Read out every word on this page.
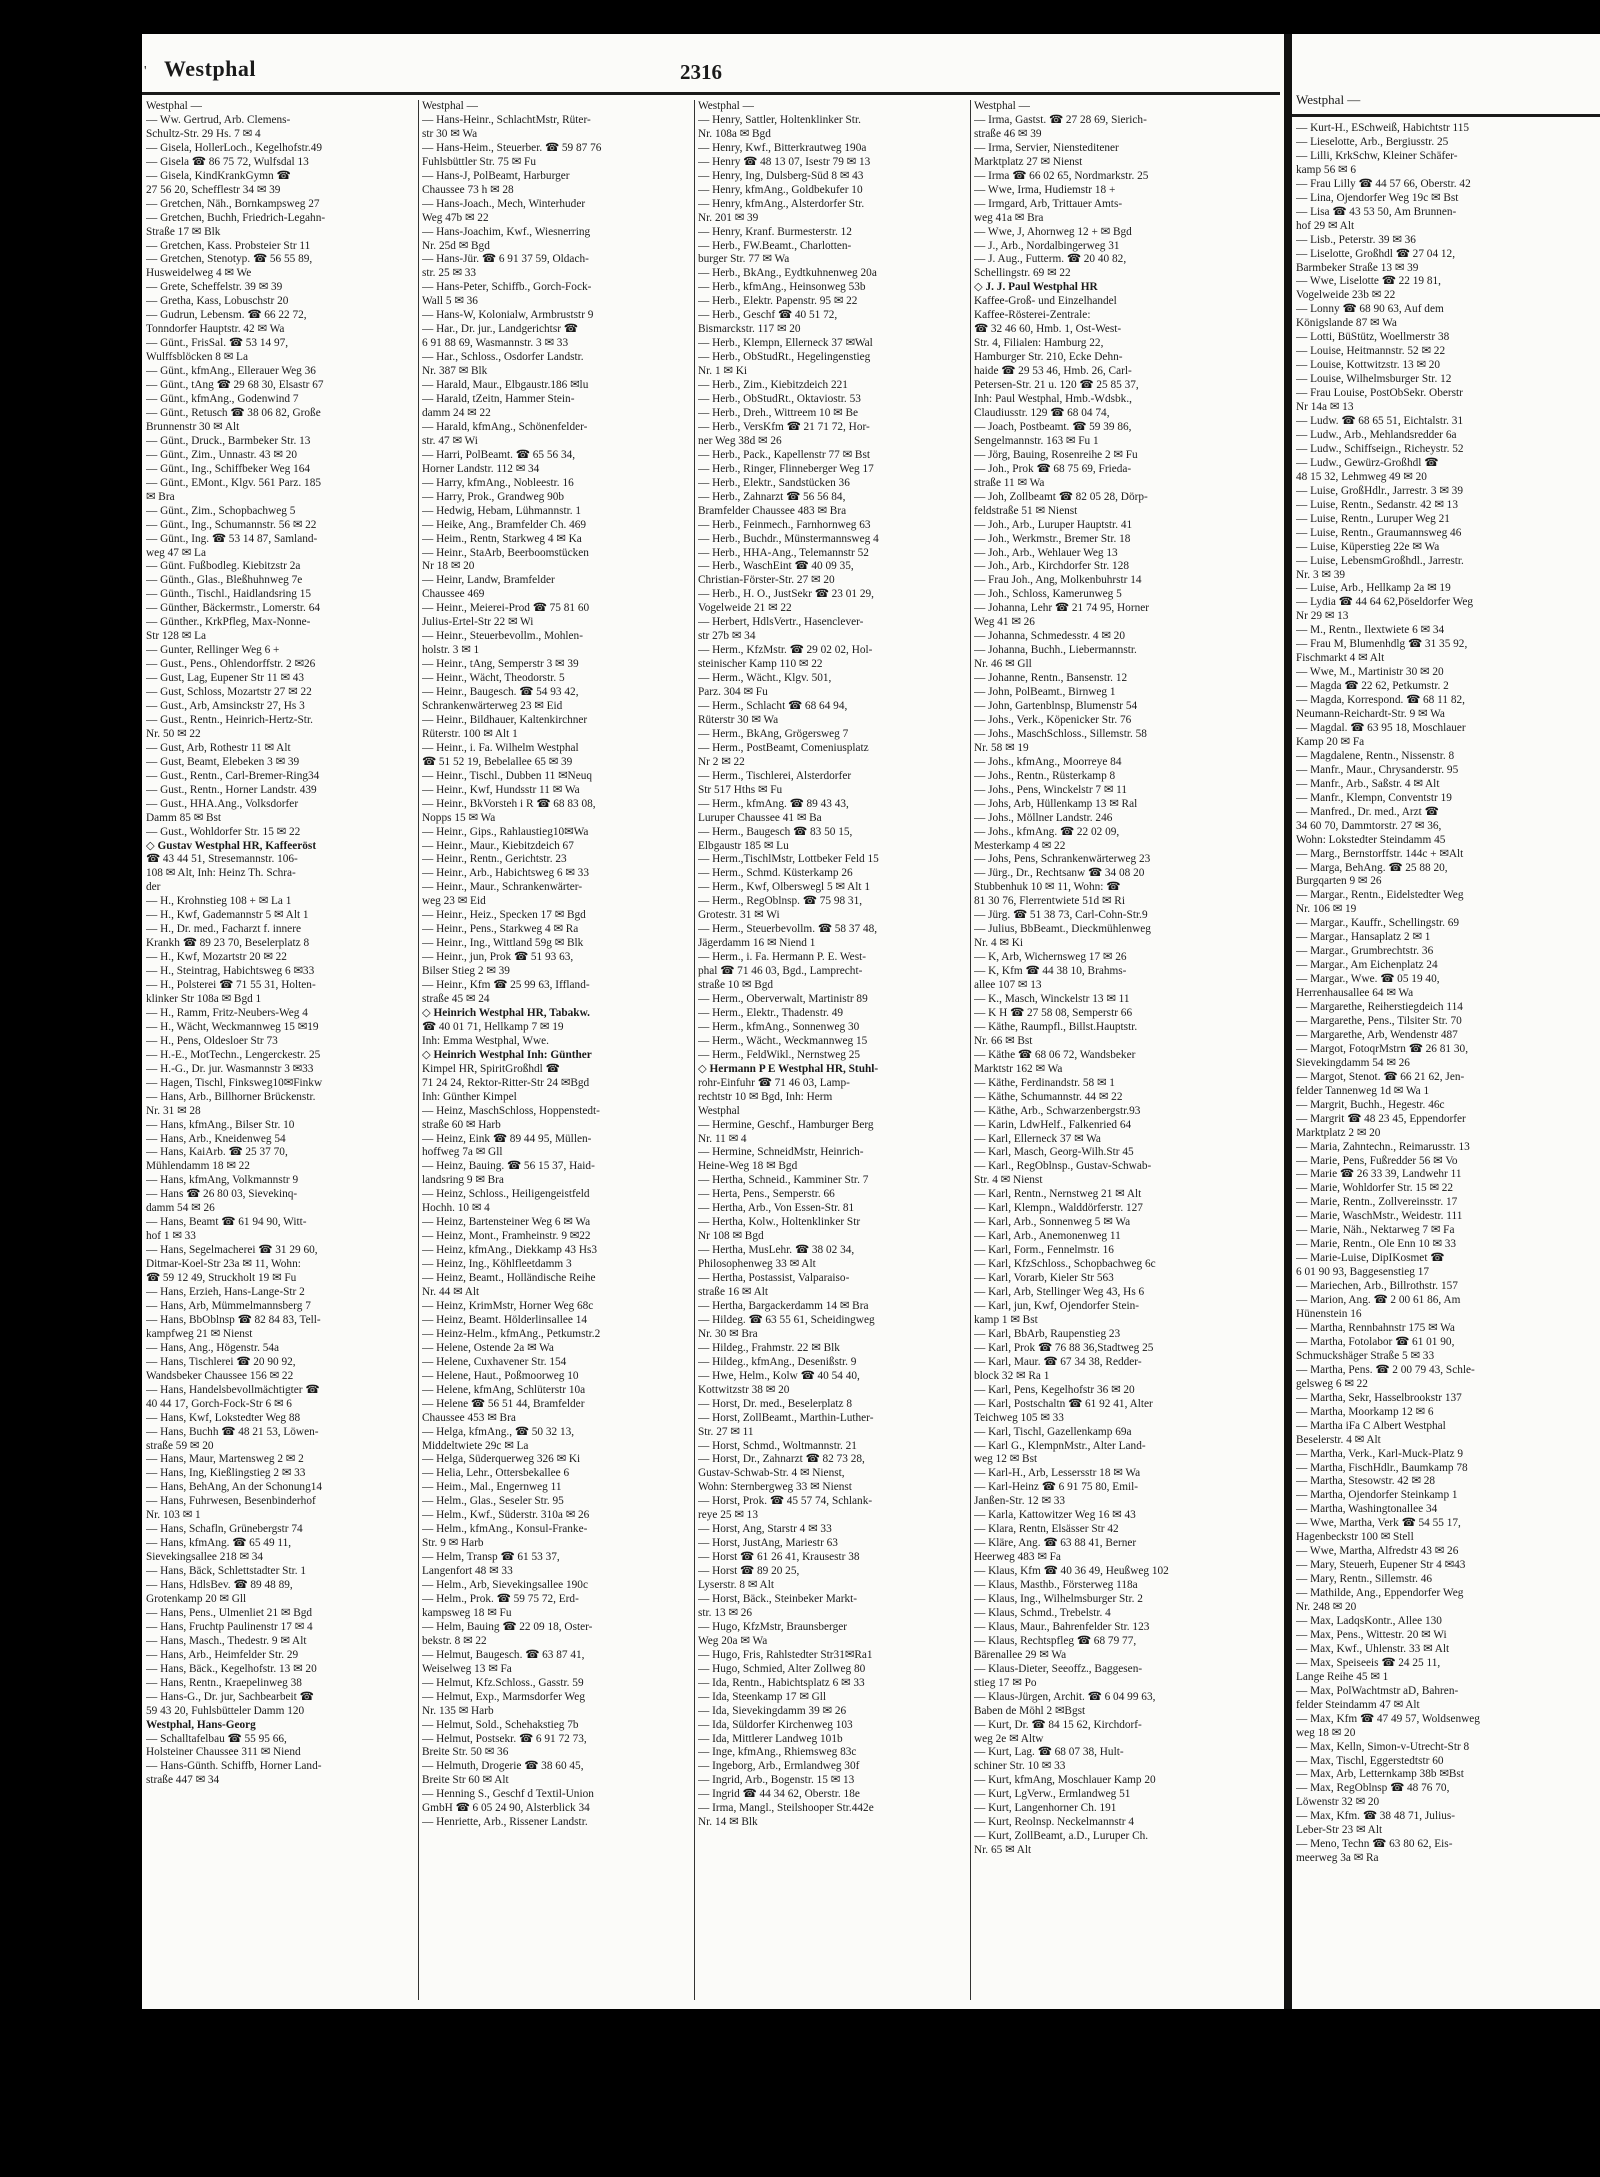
' Westphal	2316
Westphal —
— Ww. Gertrud, Arb. Clemens-
Schultz-Str. 29 Hs. 7 ✉ 4
— Gisela, HollerLoch., Kegelhofstr.49
— Gisela ☎ 86 75 72, Wulfsdal 13
— Gisela, KindKrankGymn ☎
27 56 20, Schefflestr 34 ✉ 39
— Gretchen, Näh., Bornkampsweg 27
— Gretchen, Buchh, Friedrich-Legahn-
Straße 17 ✉ Blk
— Gretchen, Kass. Probsteier Str 11
— Gretchen, Stenotyp. ☎ 56 55 89,
Husweidelweg 4 ✉ We
— Grete, Scheffelstr. 39 ✉ 39
— Gretha, Kass, Lobuschstr 20
— Gudrun, Lebensm. ☎ 66 22 72,
Tonndorfer Hauptstr. 42 ✉ Wa
— Günt., FrisSal. ☎ 53 14 97,
Wulffsblöcken 8 ✉ La
— Günt., kfmAng., Ellerauer Weg 36
— Günt., tAng ☎ 29 68 30, Elsastr 67
— Günt., kfmAng., Godenwind 7
— Günt., Retusch ☎ 38 06 82, Große
Brunnenstr 30 ✉ Alt
— Günt., Druck., Barmbeker Str. 13
— Günt., Zim., Unnastr. 43 ✉ 20
— Günt., Ing., Schiffbeker Weg 164
— Günt., EMont., Klgv. 561 Parz. 185
✉ Bra
— Günt., Zim., Schopbachweg 5
— Günt., Ing., Schumannstr. 56 ✉ 22
— Günt., Ing. ☎ 53 14 87, Samland-
weg 47 ✉ La
— Günt. Fußbodleg. Kiebitzstr 2a
— Günth., Glas., Bleßhuhnweg 7e
— Günth., Tischl., Haidlandsring 15
— Günther, Bäckermstr., Lomerstr. 64
— Günther., KrkPfleg, Max-Nonne-
Str 128 ✉ La
— Gunter, Rellinger Weg 6 +
— Gust., Pens., Ohlendorffstr. 2 ✉26
— Gust, Lag, Eupener Str 11 ✉ 43
— Gust, Schloss, Mozartstr 27 ✉ 22
— Gust., Arb, Amsinckstr 27, Hs 3
— Gust., Rentn., Heinrich-Hertz-Str.
Nr. 50 ✉ 22
— Gust, Arb, Rothestr 11 ✉ Alt
— Gust, Beamt, Elebeken 3 ✉ 39
— Gust., Rentn., Carl-Bremer-Ring34
— Gust., Rentn., Horner Landstr. 439
— Gust., HHA.Ang., Volksdorfer
Damm 85 ✉ Bst
— Gust., Wohldorfer Str. 15 ✉ 22
◇ Gustav Westphal HR, Kaffeeröst
☎ 43 44 51, Stresemannstr. 106-
108 ✉ Alt, Inh: Heinz Th. Schra-
der
— H., Krohnstieg 108 + ✉ La 1
— H., Kwf, Gademannstr 5 ✉ Alt 1
— H., Dr. med., Facharzt f. innere
Krankh ☎ 89 23 70, Beselerplatz 8
— H., Kwf, Mozartstr 20 ✉ 22
— H., Steintrag, Habichtsweg 6 ✉33
— H., Polsterei ☎ 71 55 31, Holten-
klinker Str 108a ✉ Bgd 1
— H., Ramm, Fritz-Neubers-Weg 4
— H., Wächt, Weckmannweg 15 ✉19
— H., Pens, Oldesloer Str 73
— H.-E., MotTechn., Lengerckestr. 25
— H.-G., Dr. jur. Wasmannstr 3 ✉33
— Hagen, Tischl, Finksweg10✉Finkw
— Hans, Arb., Billhorner Brückenstr.
Nr. 31 ✉ 28
— Hans, kfmAng., Bilser Str. 10
— Hans, Arb., Kneidenweg 54
— Hans, KaiArb. ☎ 25 37 70,
Mühlendamm 18 ✉ 22
— Hans, kfmAng, Volkmannstr 9
— Hans ☎ 26 80 03, Sievekinq-
damm 54 ✉ 26
— Hans, Beamt ☎ 61 94 90, Witt-
hof 1 ✉ 33
— Hans, Segelmacherei ☎ 31 29 60,
Ditmar-Koel-Str 23a ✉ 11, Wohn:
☎ 59 12 49, Struckholt 19 ✉ Fu
— Hans, Erzieh, Hans-Lange-Str 2
— Hans, Arb, Mümmelmannsberg 7
— Hans, BbOblnsp ☎ 82 84 83, Tell-
kampfweg 21 ✉ Nienst
— Hans, Ang., Högenstr. 54a
— Hans, Tischlerei ☎ 20 90 92,
Wandsbeker Chaussee 156 ✉ 22
— Hans, Handelsbevollmächtigter ☎
40 44 17, Gorch-Fock-Str 6 ✉ 6
— Hans, Kwf, Lokstedter Weg 88
— Hans, Buchh ☎ 48 21 53, Löwen-
straße 59 ✉ 20
— Hans, Maur, Martensweg 2 ✉ 2
— Hans, Ing, Kießlingstieg 2 ✉ 33
— Hans, BehAng, An der Schonung14
— Hans, Fuhrwesen, Besenbinderhof
Nr. 103 ✉ 1
— Hans, Schafln, Grünebergstr 74
— Hans, kfmAng. ☎ 65 49 11,
Sievekingsallee 218 ✉ 34
— Hans, Bäck, Schlettstadter Str. 1
— Hans, HdlsBev. ☎ 89 48 89,
Grotenkamp 20 ✉ Gll
— Hans, Pens., Ulmenliet 21 ✉ Bgd
— Hans, Fruchtp Paulinenstr 17 ✉ 4
— Hans, Masch., Thedestr. 9 ✉ Alt
— Hans, Arb., Heimfelder Str. 29
— Hans, Bäck., Kegelhofstr. 13 ✉ 20
— Hans, Rentn., Kraepelinweg 38
— Hans-G., Dr. jur, Sachbearbeit ☎
59 43 20, Fuhlsbütteler Damm 120
Westphal, Hans-Georg
— Schalltafelbau ☎ 55 95 66,
Holsteiner Chaussee 311 ✉ Niend
— Hans-Günth. Schiffb, Horner Land-
straße 447 ✉ 34
Westphal —
— Hans-Heinr., SchlachtMstr, Rüter-
str 30 ✉ Wa
— Hans-Heim., Steuerber. ☎ 59 87 76
Fuhlsbüttler Str. 75 ✉ Fu
— Hans-J, PolBeamt, Harburger
Chaussee 73 h ✉ 28
— Hans-Joach., Mech, Winterhuder
Weg 47b ✉ 22
— Hans-Joachim, Kwf., Wiesnerring
Nr. 25d ✉ Bgd
— Hans-Jür. ☎ 6 91 37 59, Oldach-
str. 25 ✉ 33
— Hans-Peter, Schiffb., Gorch-Fock-
Wall 5 ✉ 36
— Hans-W, Kolonialw, Armbruststr 9
— Har., Dr. jur., Landgerichtsr ☎
6 91 88 69, Wasmannstr. 3 ✉ 33
— Har., Schloss., Osdorfer Landstr.
Nr. 387 ✉ Blk
— Harald, Maur., Elbgaustr.186 ✉lu
— Harald, tZeitn, Hammer Stein-
damm 24 ✉ 22
— Harald, kfmAng., Schönenfelder-
str. 47 ✉ Wi
— Harri, PolBeamt. ☎ 65 56 34,
Horner Landstr. 112 ✉ 34
— Harry, kfmAng., Nobleestr. 16
— Harry, Prok., Grandweg 90b
— Hedwig, Hebam, Lühmannstr. 1
— Heike, Ang., Bramfelder Ch. 469
— Heim., Rentn, Starkweg 4 ✉ Ka
— Heinr., StaArb, Beerboomstücken
Nr 18 ✉ 20
— Heinr, Landw, Bramfelder
Chaussee 469
— Heinr., Meierei-Prod ☎ 75 81 60
Julius-Ertel-Str 22 ✉ Wi
— Heinr., Steuerbevollm., Mohlen-
holstr. 3 ✉ 1
— Heinr., tAng, Semperstr 3 ✉ 39
— Heinr., Wächt, Theodorstr. 5
— Heinr., Baugesch. ☎ 54 93 42,
Schrankenwärterweg 23 ✉ Eid
— Heinr., Bildhauer, Kaltenkirchner
Rüterstr. 100 ✉ Alt 1
— Heinr., i. Fa. Wilhelm Westphal
☎ 51 52 19, Bebelallee 65 ✉ 39
— Heinr., Tischl., Dubben 11 ✉Neuq
— Heinr., Kwf, Hundsstr 11 ✉ Wa
— Heinr., BkVorsteh i R ☎ 68 83 08,
Nopps 15 ✉ Wa
— Heinr., Gips., Rahlaustieg10✉Wa
— Heinr., Maur., Kiebitzdeich 67
— Heinr., Rentn., Gerichtstr. 23
— Heinr., Arb., Habichtsweg 6 ✉ 33
— Heinr., Maur., Schrankenwärter-
weg 23 ✉ Eid
— Heinr., Heiz., Specken 17 ✉ Bgd
— Heinr., Pens., Starkweg 4 ✉ Ra
— Heinr., Ing., Wittland 59g ✉ Blk
— Heinr., jun, Prok ☎ 51 93 63,
Bilser Stieg 2 ✉ 39
— Heinr., Kfm ☎ 25 99 63, Iffland-
straße 45 ✉ 24
◇ Heinrich Westphal HR, Tabakw.
☎ 40 01 71, Hellkamp 7 ✉ 19
Inh: Emma Westphal, Wwe.
◇ Heinrich Westphal Inh: Günther
Kimpel HR, SpiritGroßhdl ☎
71 24 24, Rektor-Ritter-Str 24 ✉Bgd
Inh: Günther Kimpel
— Heinz, MaschSchloss, Hoppenstedt-
straße 60 ✉ Harb
— Heinz, Eink ☎ 89 44 95, Müllen-
hoffweg 7a ✉ Gll
— Heinz, Bauing. ☎ 56 15 37, Haid-
landsring 9 ✉ Bra
— Heinz, Schloss., Heiligengeistfeld
Hochh. 10 ✉ 4
— Heinz, Bartensteiner Weg 6 ✉ Wa
— Heinz, Mont., Framheinstr. 9 ✉22
— Heinz, kfmAng., Diekkamp 43 Hs3
— Heinz, Ing., Köhlfleetdamm 3
— Heinz, Beamt., Holländische Reihe
Nr. 44 ✉ Alt
— Heinz, KrimMstr, Horner Weg 68c
— Heinz, Beamt. Hölderlinsallee 14
— Heinz-Helm., kfmAng., Petkumstr.2
— Helene, Ostende 2a ✉ Wa
— Helene, Cuxhavener Str. 154
— Helene, Haut., Poßmoorweg 10
— Helene, kfmAng, Schlüterstr 10a
— Helene ☎ 56 51 44, Bramfelder
Chaussee 453 ✉ Bra
— Helga, kfmAng., ☎ 50 32 13,
Middeltwiete 29c ✉ La
— Helga, Süderquerweg 326 ✉ Ki
— Helia, Lehr., Ottersbekallee 6
— Heim., Mal., Engernweg 11
— Helm., Glas., Seseler Str. 95
— Helm., Kwf., Süderstr. 310a ✉ 26
— Helm., kfmAng., Konsul-Franke-
Str. 9 ✉ Harb
— Helm, Transp ☎ 61 53 37,
Langenfort 48 ✉ 33
— Helm., Arb, Sievekingsallee 190c
— Helm., Prok. ☎ 59 75 72, Erd-
kampsweg 18 ✉ Fu
— Helm, Bauing ☎ 22 09 18, Oster-
bekstr. 8 ✉ 22
— Helmut, Baugesch. ☎ 63 87 41,
Weiselweg 13 ✉ Fa
— Helmut, Kfz.Schloss., Gasstr. 59
— Helmut, Exp., Marmsdorfer Weg
Nr. 135 ✉ Harb
— Helmut, Sold., Schehakstieg 7b
— Helmut, Postsekr. ☎ 6 91 72 73,
Breite Str. 50 ✉ 36
— Helmuth, Drogerie ☎ 38 60 45,
Breite Str 60 ✉ Alt
— Henning S., Geschf d Textil-Union
GmbH ☎ 6 05 24 90, Alsterblick 34
— Henriette, Arb., Rissener Landstr.
Westphal —
— Henry, Sattler, Holtenklinker Str.
Nr. 108a ✉ Bgd
— Henry, Kwf., Bitterkrautweg 190a
— Henry ☎ 48 13 07, Isestr 79 ✉ 13
— Henry, Ing, Dulsberg-Süd 8 ✉ 43
— Henry, kfmAng., Goldbekufer 10
— Henry, kfmAng., Alsterdorfer Str.
Nr. 201 ✉ 39
— Henry, Kranf. Burmesterstr. 12
— Herb., FW.Beamt., Charlotten-
burger Str. 77 ✉ Wa
— Herb., BkAng., Eydtkuhnenweg 20a
— Herb., kfmAng., Heinsonweg 53b
— Herb., Elektr. Papenstr. 95 ✉ 22
— Herb., Geschf ☎ 40 51 72,
Bismarckstr. 117 ✉ 20
— Herb., Klempn, Ellerneck 37 ✉Wal
— Herb., ObStudRt., Hegelingenstieg
Nr. 1 ✉ Ki
— Herb., Zim., Kiebitzdeich 221
— Herb., ObStudRt., Oktaviostr. 53
— Herb., Dreh., Wittreem 10 ✉ Be
— Herb., VersKfm ☎ 21 71 72, Hor-
ner Weg 38d ✉ 26
— Herb., Pack., Kapellenstr 77 ✉ Bst
— Herb., Ringer, Flinneberger Weg 17
— Herb., Elektr., Sandstücken 36
— Herb., Zahnarzt ☎ 56 56 84,
Bramfelder Chaussee 483 ✉ Bra
— Herb., Feinmech., Farnhornweg 63
— Herb., Buchdr., Münstermannsweg 4
— Herb., HHA-Ang., Telemannstr 52
— Herb., WaschEint ☎ 40 09 35,
Christian-Förster-Str. 27 ✉ 20
— Herb., H. O., JustSekr ☎ 23 01 29,
Vogelweide 21 ✉ 22
— Herbert, HdlsVertr., Hasenclever-
str 27b ✉ 34
— Herm., KfzMstr. ☎ 29 02 02, Hol-
steinischer Kamp 110 ✉ 22
— Herm., Wächt., Klgv. 501,
Parz. 304 ✉ Fu
— Herm., Schlacht ☎ 68 64 94,
Rüterstr 30 ✉ Wa
— Herm., BkAng, Grögersweg 7
— Herm., PostBeamt, Comeniusplatz
Nr 2 ✉ 22
— Herm., Tischlerei, Alsterdorfer
Str 517 Hths ✉ Fu
— Herm., kfmAng. ☎ 89 43 43,
Luruper Chaussee 41 ✉ Ba
— Herm., Baugesch ☎ 83 50 15,
Elbgaustr 185 ✉ Lu
— Herm.,TischlMstr, Lottbeker Feld 15
— Herm., Schmd. Küsterkamp 26
— Herm., Kwf, Olberswegl 5 ✉ Alt 1
— Herm., RegOblnsp. ☎ 75 98 31,
Grotestr. 31 ✉ Wi
— Herm., Steuerbevollm. ☎ 58 37 48,
Jägerdamm 16 ✉ Niend 1
— Herm., i. Fa. Hermann P. E. West-
phal ☎ 71 46 03, Bgd., Lamprecht-
straße 10 ✉ Bgd
— Herm., Oberverwalt, Martinistr 89
— Herm., Elektr., Thadenstr. 49
— Herm., kfmAng., Sonnenweg 30
— Herm., Wächt., Weckmannweg 15
— Herm., FeldWikl., Nernstweg 25
◇ Hermann P E Westphal HR, Stuhl-
rohr-Einfuhr ☎ 71 46 03, Lamp-
rechtstr 10 ✉ Bgd, Inh: Herm
Westphal
— Hermine, Geschf., Hamburger Berg
Nr. 11 ✉ 4
— Hermine, SchneidMstr, Heinrich-
Heine-Weg 18 ✉ Bgd
— Hertha, Schneid., Kamminer Str. 7
— Herta, Pens., Semperstr. 66
— Hertha, Arb., Von Essen-Str. 81
— Hertha, Kolw., Holtenklinker Str
Nr 108 ✉ Bgd
— Hertha, MusLehr. ☎ 38 02 34,
Philosophenweg 33 ✉ Alt
— Hertha, Postassist, Valparaiso-
straße 16 ✉ Alt
— Hertha, Bargackerdamm 14 ✉ Bra
— Hildeg. ☎ 63 55 61, Scheidingweg
Nr. 30 ✉ Bra
— Hildeg., Frahmstr. 22 ✉ Blk
— Hildeg., kfmAng., Desenißstr. 9
— Hwe, Helm., Kolw ☎ 40 54 40,
Kottwitzstr 38 ✉ 20
— Horst, Dr. med., Beselerplatz 8
— Horst, ZollBeamt., Marthin-Luther-
Str. 27 ✉ 11
— Horst, Schmd., Woltmannstr. 21
— Horst, Dr., Zahnarzt ☎ 82 73 28,
Gustav-Schwab-Str. 4 ✉ Nienst,
Wohn: Sternbergweg 33 ✉ Nienst
— Horst, Prok. ☎ 45 57 74, Schlank-
reye 25 ✉ 13
— Horst, Ang, Starstr 4 ✉ 33
— Horst, JustAng, Mariestr 63
— Horst ☎ 61 26 41, Krausestr 38
— Horst ☎ 89 20 25,
Lyserstr. 8 ✉ Alt
— Horst, Bäck., Steinbeker Markt-
str. 13 ✉ 26
— Hugo, KfzMstr, Braunsberger
Weg 20a ✉ Wa
— Hugo, Fris, Rahlstedter Str31✉Ra1
— Hugo, Schmied, Alter Zollweg 80
— Ida, Rentn., Habichtsplatz 6 ✉ 33
— Ida, Steenkamp 17 ✉ Gll
— Ida, Sievekingdamm 39 ✉ 26
— Ida, Süldorfer Kirchenweg 103
— Ida, Mittlerer Landweg 101b
— Inge, kfmAng., Rhiemsweg 83c
— Ingeborg, Arb., Ermlandweg 30f
— Ingrid, Arb., Bogenstr. 15 ✉ 13
— Ingrid ☎ 44 34 62, Oberstr. 18e
— Irma, Mangl., Steilshooper Str.442e
Nr. 14 ✉ Blk
Westphal —
— Irma, Gastst. ☎ 27 28 69, Sierich-
straße 46 ✉ 39
— Irma, Servier, Niensteditener
Marktplatz 27 ✉ Nienst
— Irma ☎ 66 02 65, Nordmarkstr. 25
— Wwe, Irma, Hudiemstr 18 +
— Irmgard, Arb, Trittauer Amts-
weg 41a ✉ Bra
— Wwe, J, Ahornweg 12 + ✉ Bgd
— J., Arb., Nordalbingerweg 31
— J. Aug., Futterm. ☎ 20 40 82,
Schellingstr. 69 ✉ 22
◇ J. J. Paul Westphal HR
Kaffee-Groß- und Einzelhandel
Kaffee-Rösterei-Zentrale:
☎ 32 46 60, Hmb. 1, Ost-West-
Str. 4, Filialen: Hamburg 22,
Hamburger Str. 210, Ecke Dehn-
haide ☎ 29 53 46, Hmb. 26, Carl-
Petersen-Str. 21 u. 120 ☎ 25 85 37,
Inh: Paul Westphal, Hmb.-Wdsbk.,
Claudiusstr. 129 ☎ 68 04 74,
— Joach, Postbeamt. ☎ 59 39 86,
Sengelmannstr. 163 ✉ Fu 1
— Jörg, Bauing, Rosenreihe 2 ✉ Fu
— Joh., Prok ☎ 68 75 69, Frieda-
straße 11 ✉ Wa
— Joh, Zollbeamt ☎ 82 05 28, Dörp-
feldstraße 51 ✉ Nienst
— Joh., Arb., Luruper Hauptstr. 41
— Joh., Werkmstr., Bremer Str. 18
— Joh., Arb., Wehlauer Weg 13
— Joh., Arb., Kirchdorfer Str. 128
— Frau Joh., Ang, Molkenbuhrstr 14
— Joh., Schloss, Kamerunweg 5
— Johanna, Lehr ☎ 21 74 95, Horner
Weg 41 ✉ 26
— Johanna, Schmedesstr. 4 ✉ 20
— Johanna, Buchh., Liebermannstr.
Nr. 46 ✉ Gll
— Johanne, Rentn., Bansenstr. 12
— John, PolBeamt., Birnweg 1
— John, Gartenblnsp, Blumenstr 54
— Johs., Verk., Köpenicker Str. 76
— Johs., MaschSchloss., Sillemstr. 58
Nr. 58 ✉ 19
— Johs., kfmAng., Moorreye 84
— Johs., Rentn., Rüsterkamp 8
— Johs., Pens, Winckelstr 7 ✉ 11
— Johs, Arb, Hüllenkamp 13 ✉ Ral
— Johs., Möllner Landstr. 246
— Johs., kfmAng. ☎ 22 02 09,
Mesterkamp 4 ✉ 22
— Johs, Pens, Schrankenwärterweg 23
— Jürg., Dr., Rechtsanw ☎ 34 08 20
Stubbenhuk 10 ✉ 11, Wohn: ☎
81 30 76, Flerrentwiete 51d ✉ Ri
— Jürg. ☎ 51 38 73, Carl-Cohn-Str.9
— Julius, BbBeamt., Dieckmühlenweg
Nr. 4 ✉ Ki
— K, Arb, Wichernsweg 17 ✉ 26
— K, Kfm ☎ 44 38 10, Brahms-
allee 107 ✉ 13
— K., Masch, Winckelstr 13 ✉ 11
— K H ☎ 27 58 08, Semperstr 66
— Käthe, Raumpfl., Billst.Hauptstr.
Nr. 66 ✉ Bst
— Käthe ☎ 68 06 72, Wandsbeker
Marktstr 162 ✉ Wa
— Käthe, Ferdinandstr. 58 ✉ 1
— Käthe, Schumannstr. 44 ✉ 22
— Käthe, Arb., Schwarzenbergstr.93
— Karin, LdwHelf., Falkenried 64
— Karl, Ellerneck 37 ✉ Wa
— Karl, Masch, Georg-Wilh.Str 45
— Karl., RegOblnsp., Gustav-Schwab-
Str. 4 ✉ Nienst
— Karl, Rentn., Nernstweg 21 ✉ Alt
— Karl, Klempn., Walddörferstr. 127
— Karl, Arb., Sonnenweg 5 ✉ Wa
— Karl, Arb., Anemonenweg 11
— Karl, Form., Fennelmstr. 16
— Karl, KfzSchloss., Schopbachweg 6c
— Karl, Vorarb, Kieler Str 563
— Karl, Arb, Stellinger Weg 43, Hs 6
— Karl, jun, Kwf, Ojendorfer Stein-
kamp 1 ✉ Bst
— Karl, BbArb, Raupenstieg 23
— Karl, Prok ☎ 76 88 36,Stadtweg 25
— Karl, Maur. ☎ 67 34 38, Redder-
block 32 ✉ Ra 1
— Karl, Pens, Kegelhofstr 36 ✉ 20
— Karl, Postschaltn ☎ 61 92 41, Alter
Teichweg 105 ✉ 33
— Karl, Tischl, Gazellenkamp 69a
— Karl G., KlempnMstr., Alter Land-
weg 12 ✉ Bst
— Karl-H., Arb, Lessersstr 18 ✉ Wa
— Karl-Heinz ☎ 6 91 75 80, Emil-
Janßen-Str. 12 ✉ 33
— Karla, Kattowitzer Weg 16 ✉ 43
— Klara, Rentn, Elsässer Str 42
— Kläre, Ang. ☎ 63 88 41, Berner
Heerweg 483 ✉ Fa
— Klaus, Kfm ☎ 40 36 49, Heußweg 102
— Klaus, Masthb., Försterweg 118a
— Klaus, Ing., Wilhelmsburger Str. 2
— Klaus, Schmd., Trebelstr. 4
— Klaus, Maur., Bahrenfelder Str. 123
— Klaus, Rechtspfleg ☎ 68 79 77,
Bärenallee 29 ✉ Wa
— Klaus-Dieter, Seeoffz., Baggesen-
stieg 17 ✉ Po
— Klaus-Jürgen, Archit. ☎ 6 04 99 63,
Baben de Möhl 2 ✉Bgst
— Kurt, Dr. ☎ 84 15 62, Kirchdorf-
weg 2e ✉ Altw
— Kurt, Lag. ☎ 68 07 38, Hult-
schiner Str. 10 ✉ 33
— Kurt, kfmAng, Moschlauer Kamp 20
— Kurt, LgVerw., Ermlandweg 51
— Kurt, Langenhorner Ch. 191
— Kurt, Reolnsp. Neckelmannstr 4
— Kurt, ZollBeamt, a.D., Luruper Ch.
Nr. 65 ✉ Alt
Westphal —
— Kurt-H., ESchweiß, Habichtstr 115
— Lieselotte, Arb., Bergiusstr. 25
— Lilli, KrkSchw, Kleiner Schäfer-
kamp 56 ✉ 6
— Frau Lilly ☎ 44 57 66, Oberstr. 42
— Lina, Ojendorfer Weg 19c ✉ Bst
— Lisa ☎ 43 53 50, Am Brunnen-
hof 29 ✉ Alt
— Lisb., Peterstr. 39 ✉ 36
— Liselotte, Großhdl ☎ 27 04 12,
Barmbeker Straße 13 ✉ 39
— Wwe, Liselotte ☎ 22 19 81,
Vogelweide 23b ✉ 22
— Lonny ☎ 68 90 63, Auf dem
Königslande 87 ✉ Wa
— Lotti, BüStütz, Woellmerstr 38
— Louise, Heitmannstr. 52 ✉ 22
— Louise, Kottwitzstr. 13 ✉ 20
— Louise, Wilhelmsburger Str. 12
— Frau Louise, PostObSekr. Oberstr
Nr 14a ✉ 13
— Ludw. ☎ 68 65 51, Eichtalstr. 31
— Ludw., Arb., Mehlandsredder 6a
— Ludw., Schiffseign., Richeystr. 52
— Ludw., Gewürz-Großhdl ☎
48 15 32, Lehmweg 49 ✉ 20
— Luise, GroßHdlr., Jarrestr. 3 ✉ 39
— Luise, Rentn., Sedanstr. 42 ✉ 13
— Luise, Rentn., Luruper Weg 21
— Luise, Rentn., Graumannsweg 46
— Luise, Küperstieg 22e ✉ Wa
— Luise, LebensmGroßhdl., Jarrestr.
Nr. 3 ✉ 39
— Luise, Arb., Hellkamp 2a ✉ 19
— Lydia ☎ 44 64 62,Pöseldorfer Weg
Nr 29 ✉ 13
— M., Rentn., Ilextwiete 6 ✉ 34
— Frau M, Blumenhdlg ☎ 31 35 92,
Fischmarkt 4 ✉ Alt
— Wwe, M., Martinistr 30 ✉ 20
— Magda ☎ 22 62, Petkumstr. 2
— Magda, Korrespond. ☎ 68 11 82,
Neumann-Reichardt-Str. 9 ✉ Wa
— Magdal. ☎ 63 95 18, Moschlauer
Kamp 20 ✉ Fa
— Magdalene, Rentn., Nissenstr. 8
— Manfr., Maur., Chrysanderstr. 95
— Manfr., Arb., Saßstr. 4 ✉ Alt
— Manfr., Klempn, Conventstr 19
— Manfred., Dr. med., Arzt ☎
34 60 70, Dammtorstr. 27 ✉ 36,
Wohn: Lokstedter Steindamm 45
— Marg., Bernstorffstr. 144c + ✉Alt
— Marga, BehAng. ☎ 25 88 20,
Burgqarten 9 ✉ 26
— Margar., Rentn., Eidelstedter Weg
Nr. 106 ✉ 19
— Margar., Kauffr., Schellingstr. 69
— Margar., Hansaplatz 2 ✉ 1
— Margar., Grumbrechtstr. 36
— Margar., Am Eichenplatz 24
— Margar., Wwe. ☎ 05 19 40,
Herrenhausallee 64 ✉ Wa
— Margarethe, Reiherstiegdeich 114
— Margarethe, Pens., Tilsiter Str. 70
— Margarethe, Arb, Wendenstr 487
— Margot, FotoqrMstrn ☎ 26 81 30,
Sievekingdamm 54 ✉ 26
— Margot, Stenot. ☎ 66 21 62, Jen-
felder Tannenweg 1d ✉ Wa 1
— Margrit, Buchh., Hegestr. 46c
— Margrit ☎ 48 23 45, Eppendorfer
Marktplatz 2 ✉ 20
— Maria, Zahntechn., Reimarusstr. 13
— Marie, Pens, Fußredder 56 ✉ Vo
— Marie ☎ 26 33 39, Landwehr 11
— Marie, Wohldorfer Str. 15 ✉ 22
— Marie, Rentn., Zollvereinsstr. 17
— Marie, WaschMstr., Weidestr. 111
— Marie, Näh., Nektarweg 7 ✉ Fa
— Marie, Rentn., Ole Enn 10 ✉ 33
— Marie-Luise, DipIKosmet ☎
6 01 90 93, Baggesenstieg 17
— Mariechen, Arb., Billrothstr. 157
— Marion, Ang. ☎ 2 00 61 86, Am
Hünenstein 16
— Martha, Rennbahnstr 175 ✉ Wa
— Martha, Fotolabor ☎ 61 01 90,
Schmuckshäger Straße 5 ✉ 33
— Martha, Pens. ☎ 2 00 79 43, Schle-
gelsweg 6 ✉ 22
— Martha, Sekr, Hasselbrookstr 137
— Martha, Moorkamp 12 ✉ 6
— Martha iFa C Albert Westphal
Beselerstr. 4 ✉ Alt
— Martha, Verk., Karl-Muck-Platz 9
— Martha, FischHdlr., Baumkamp 78
— Martha, Stesowstr. 42 ✉ 28
— Martha, Ojendorfer Steinkamp 1
— Martha, Washingtonallee 34
— Wwe, Martha, Verk ☎ 54 55 17,
Hagenbeckstr 100 ✉ Stell
— Wwe, Martha, Alfredstr 43 ✉ 26
— Mary, Steuerh, Eupener Str 4 ✉43
— Mary, Rentn., Sillemstr. 46
— Mathilde, Ang., Eppendorfer Weg
Nr. 248 ✉ 20
— Max, LadqsKontr., Allee 130
— Max, Pens., Wittestr. 20 ✉ Wi
— Max, Kwf., Uhlenstr. 33 ✉ Alt
— Max, Speiseeis ☎ 24 25 11,
Lange Reihe 45 ✉ 1
— Max, PolWachtmstr aD, Bahren-
felder Steindamm 47 ✉ Alt
— Max, Kfm ☎ 47 49 57, Woldsenweg
weg 18 ✉ 20
— Max, Kelln, Simon-v-Utrecht-Str 8
— Max, Tischl, Eggerstedtstr 60
— Max, Arb, Letternkamp 38b ✉Bst
— Max, RegOblnsp ☎ 48 76 70,
Löwenstr 32 ✉ 20
— Max, Kfm. ☎ 38 48 71, Julius-
Leber-Str 23 ✉ Alt
— Meno, Techn ☎ 63 80 62, Eis-
meerweg 3a ✉ Ra
